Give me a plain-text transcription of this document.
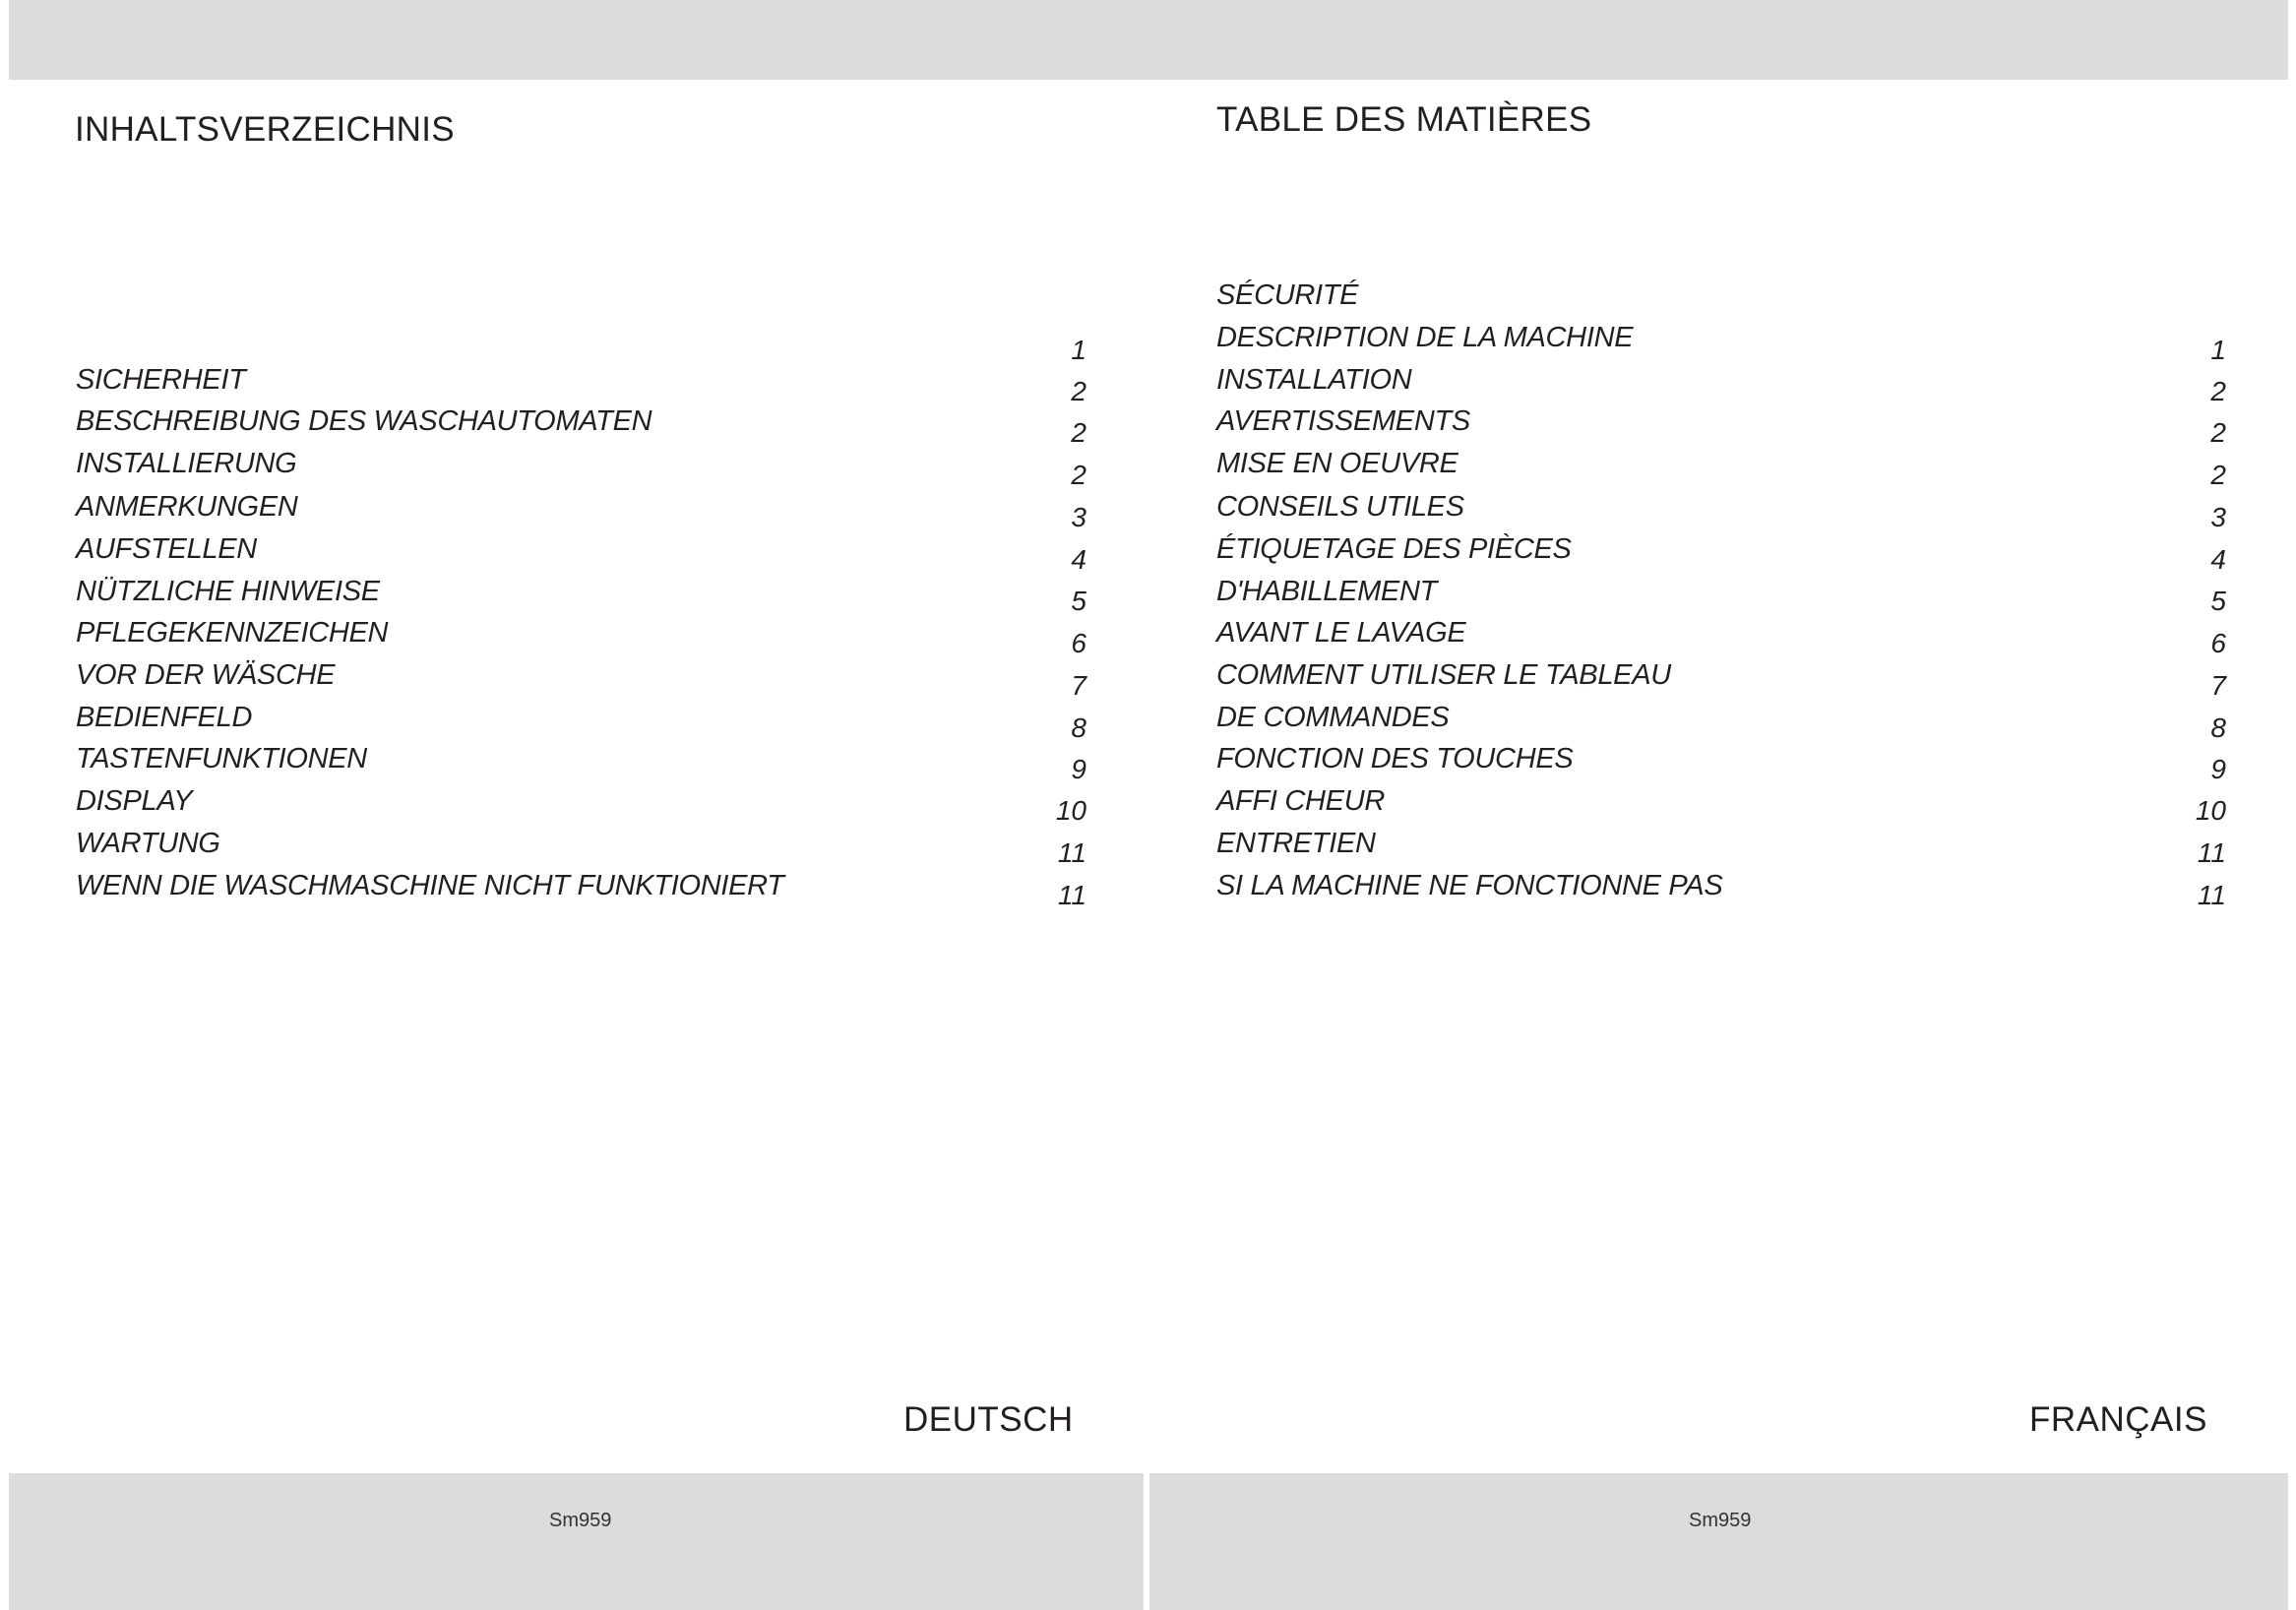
INHALTSVERZEICHNIS
SICHERHEIT
BESCHREIBUNG DES WASCHAUTOMATEN
INSTALLIERUNG
ANMERKUNGEN
AUFSTELLEN
NÜTZLICHE HINWEISE
PFLEGEKENNZEICHEN
VOR DER WÄSCHE
BEDIENFELD
TASTENFUNKTIONEN
DISPLAY
WARTUNG
WENN DIE WASCHMASCHINE NICHT FUNKTIONIERT
1
2
2
2
3
4
5
6
7
8
9
10
11
11
DEUTSCH
TABLE DES MATIÈRES
SÉCURITÉ
DESCRIPTION DE LA MACHINE
INSTALLATION
AVERTISSEMENTS
MISE EN OEUVRE
CONSEILS UTILES
ÉTIQUETAGE DES PIÈCES
D'HABILLEMENT
AVANT LE LAVAGE
COMMENT UTILISER LE TABLEAU
DE COMMANDES
FONCTION DES TOUCHES
AFFI CHEUR
ENTRETIEN
SI LA MACHINE NE FONCTIONNE PAS
1
2
2
2
3
4
5
6
7
8
9
10
11
11
FRANÇAIS
Sm959	Sm959
